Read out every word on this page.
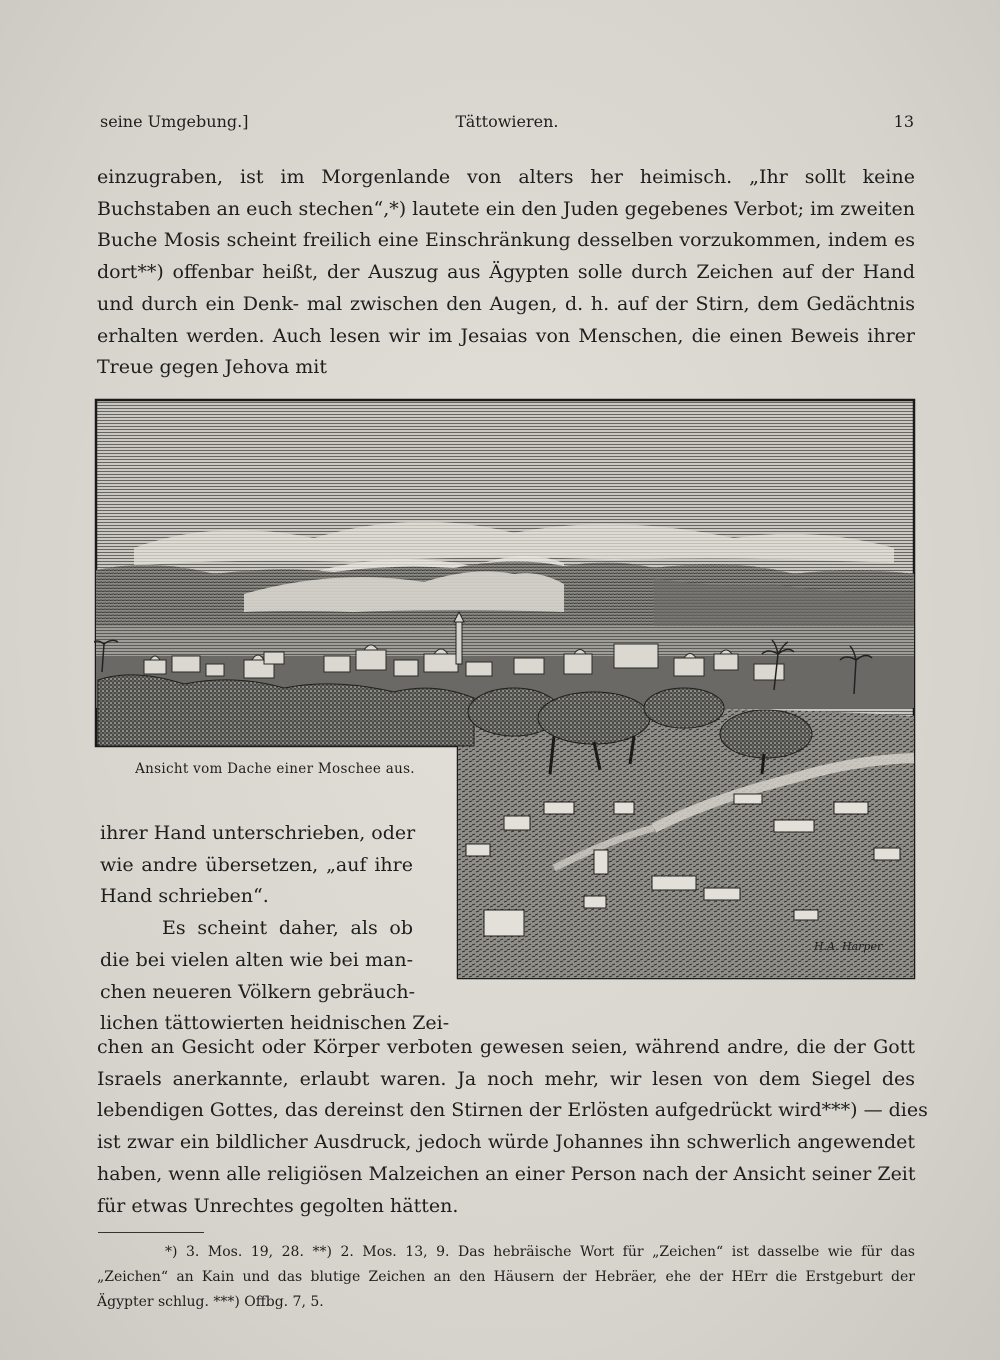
seine Umgebung.]	Tättowieren.	13

einzugraben, ist im Morgenlande von alters her heimisch. „Ihr sollt keine Buchstaben an euch stechen“,*) lautete ein den Juden gegebenes Verbot; im zweiten Buche Mosis scheint freilich eine Einschränkung desselben vorzukommen, indem es dort**) offenbar heißt, der Auszug aus Ägypten solle durch Zeichen auf der Hand und durch ein Denk- mal zwischen den Augen, d. h. auf der Stirn, dem Gedächtnis erhalten werden. Auch lesen wir im Jesaias von Menschen, die einen Beweis ihrer Treue gegen Jehova mit

H.A. Harper
Ansicht vom Dache einer Moschee aus.
ihrer Hand unterschrieben, oder
wie andre übersetzen, „auf ihre
Hand schrieben“.
Es scheint daher, als ob
die bei vielen alten wie bei man-
chen neueren Völkern gebräuch-
lichen tättowierten heidnischen Zei-
chen an Gesicht oder Körper verboten gewesen seien, während andre, die der Gott
Israels anerkannte, erlaubt waren. Ja noch mehr, wir lesen von dem Siegel des
lebendigen Gottes, das dereinst den Stirnen der Erlösten aufgedrückt wird***) — dies
ist zwar ein bildlicher Ausdruck, jedoch würde Johannes ihn schwerlich angewendet
haben, wenn alle religiösen Malzeichen an einer Person nach der Ansicht seiner Zeit
für etwas Unrechtes gegolten hätten.
*) 3. Mos. 19, 28. **) 2. Mos. 13, 9. Das hebräische Wort für „Zeichen“ ist dasselbe wie für das
„Zeichen“ an Kain und das blutige Zeichen an den Häusern der Hebräer, ehe der HErr die Erstgeburt der
Ägypter schlug. ***) Offbg. 7, 5.
